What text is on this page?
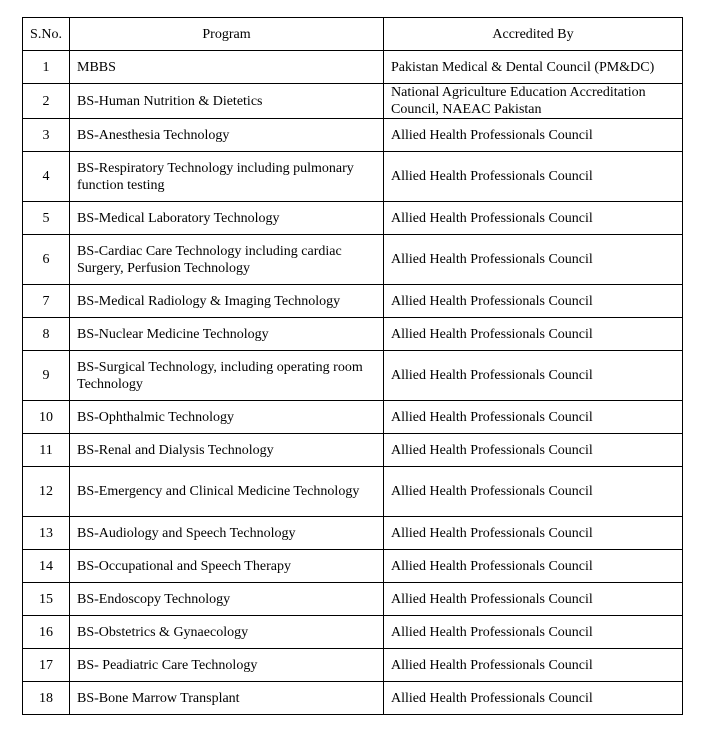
S.No.	Program	Accredited By
1	MBBS	Pakistan Medical & Dental Council (PM&DC)
2	BS-Human Nutrition & Dietetics	National Agriculture Education Accreditation Council, NAEAC Pakistan
3	BS-Anesthesia Technology	Allied Health Professionals Council
4	BS-Respiratory Technology including pulmonary function testing	Allied Health Professionals Council
5	BS-Medical Laboratory Technology	Allied Health Professionals Council
6	BS-Cardiac Care Technology including cardiac Surgery, Perfusion Technology	Allied Health Professionals Council
7	BS-Medical Radiology & Imaging Technology	Allied Health Professionals Council
8	BS-Nuclear Medicine Technology	Allied Health Professionals Council
9	BS-Surgical Technology, including operating room Technology	Allied Health Professionals Council
10	BS-Ophthalmic Technology	Allied Health Professionals Council
11	BS-Renal and Dialysis Technology	Allied Health Professionals Council
12	BS-Emergency and Clinical Medicine Technology	Allied Health Professionals Council
13	BS-Audiology and Speech Technology	Allied Health Professionals Council
14	BS-Occupational and Speech Therapy	Allied Health Professionals Council
15	BS-Endoscopy Technology	Allied Health Professionals Council
16	BS-Obstetrics & Gynaecology	Allied Health Professionals Council
17	BS- Peadiatric Care Technology	Allied Health Professionals Council
18	BS-Bone Marrow Transplant	Allied Health Professionals Council
